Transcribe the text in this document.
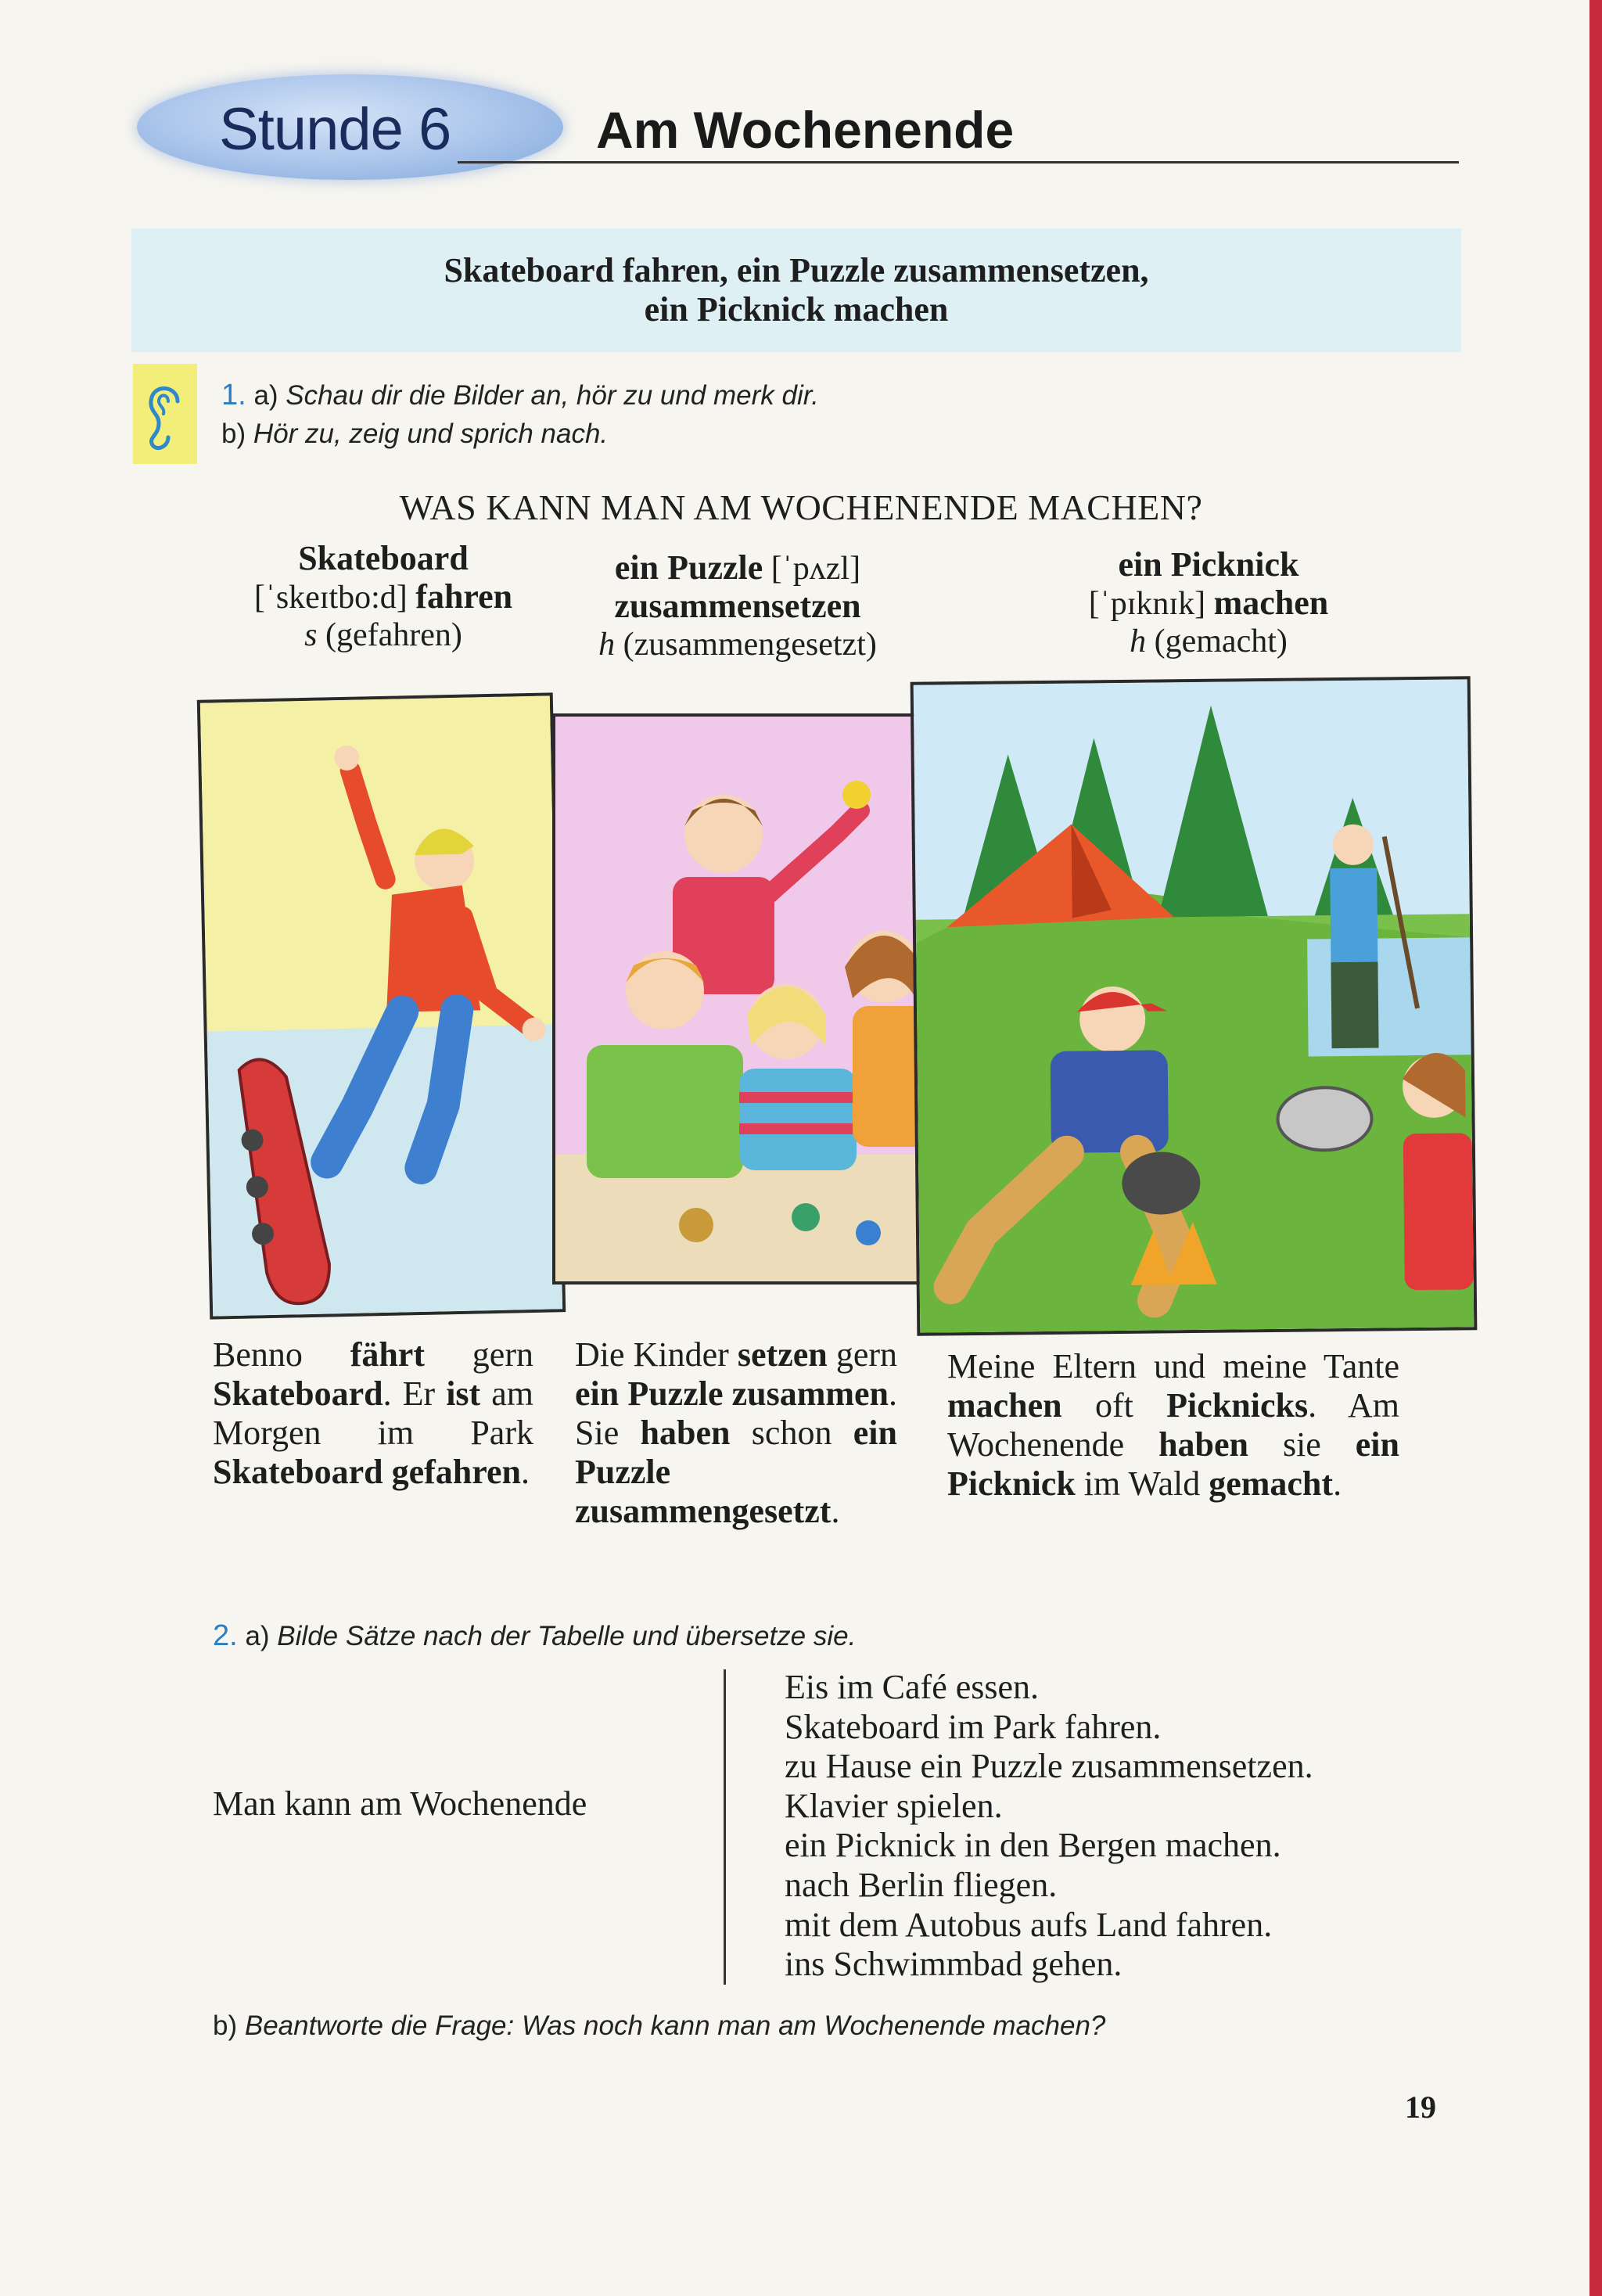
Stunde 6	Am Wochenende
Skateboard fahren, ein Puzzle zusammensetzen,
ein Picknick machen
1. a) Schau dir die Bilder an, hör zu und merk dir.
b) Hör zu, zeig und sprich nach.
WAS KANN MAN AM WOCHENENDE MACHEN?
Skateboard
[ˈskeɪtbo:d] fahren
s (gefahren)
ein Puzzle [ˈpʌzl]
zusammensetzen
h (zusammengesetzt)
ein Picknick
[ˈpɪknɪk] machen
h (gemacht)
Benno fährt gern Skateboard. Er ist am Morgen im Park Skateboard gefahren.
Die Kinder setzen gern ein Puzzle zusammen. Sie haben schon ein Puzzle zusammengesetzt.
Meine Eltern und meine Tante machen oft Picknicks. Am Wochenende haben sie ein Picknick im Wald gemacht.
2. a) Bilde Sätze nach der Tabelle und übersetze sie.
Man kann am Wochenende
Eis im Café essen.
Skateboard im Park fahren.
zu Hause ein Puzzle zusammensetzen.
Klavier spielen.
ein Picknick in den Bergen machen.
nach Berlin fliegen.
mit dem Autobus aufs Land fahren.
ins Schwimmbad gehen.
b) Beantworte die Frage: Was noch kann man am Wochenende machen?
19
